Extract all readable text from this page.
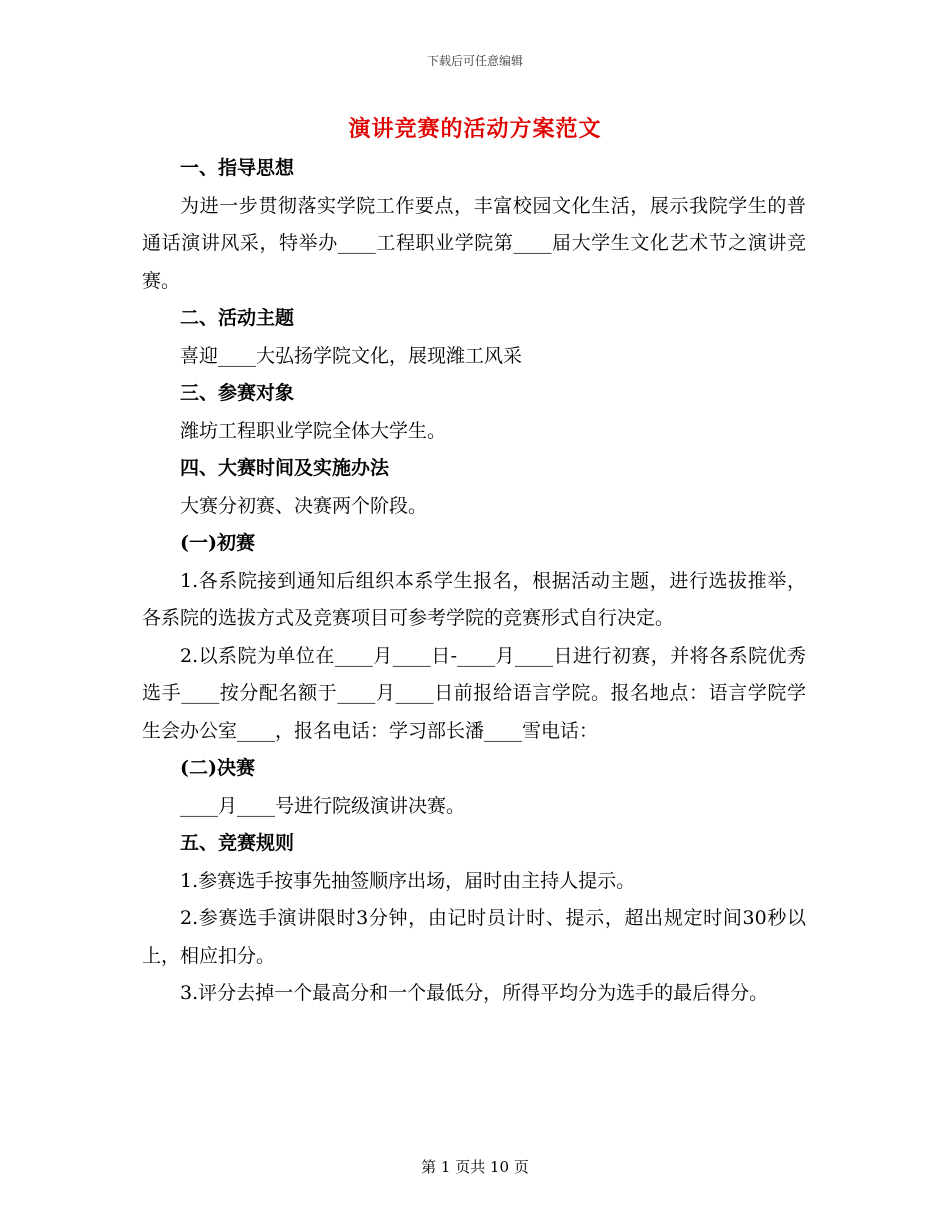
下载后可任意编辑
演讲竞赛的活动方案范文

一、指导思想

为进一步贯彻落实学院工作要点，丰富校园文化生活，展示我院学生的普通话演讲风采，特举办____工程职业学院第____届大学生文化艺术节之演讲竞赛。

二、活动主题

喜迎____大弘扬学院文化，展现潍工风采

三、参赛对象

潍坊工程职业学院全体大学生。

四、大赛时间及实施办法

大赛分初赛、决赛两个阶段。

(一)初赛

1.各系院接到通知后组织本系学生报名，根据活动主题，进行选拔推举，各系院的选拔方式及竞赛项目可参考学院的竞赛形式自行决定。

2.以系院为单位在____月____日-____月____日进行初赛，并将各系院优秀选手____按分配名额于____月____日前报给语言学院。报名地点：语言学院学生会办公室____，报名电话：学习部长潘____雪电话：

(二)决赛

____月____号进行院级演讲决赛。

五、竞赛规则

1.参赛选手按事先抽签顺序出场，届时由主持人提示。

2.参赛选手演讲限时3分钟，由记时员计时、提示，超出规定时间30秒以上，相应扣分。

3.评分去掉一个最高分和一个最低分，所得平均分为选手的最后得分。

第 1 页共 10 页
